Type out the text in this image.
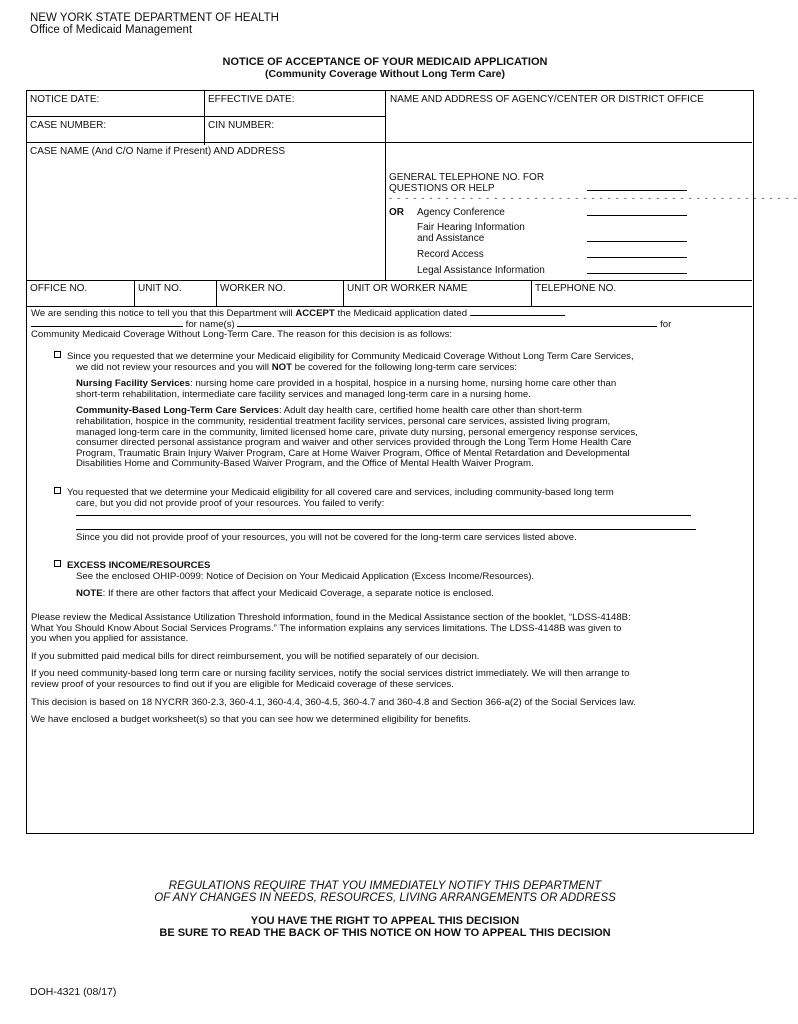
NEW YORK STATE DEPARTMENT OF HEALTH
Office of Medicaid Management
NOTICE OF ACCEPTANCE OF YOUR MEDICAID APPLICATION
(Community Coverage Without Long Term Care)
NOTICE DATE:	EFFECTIVE DATE:	NAME AND ADDRESS OF AGENCY/CENTER OR DISTRICT OFFICE
CASE NUMBER:	CIN NUMBER:
CASE NAME (And C/O Name if Present) AND ADDRESS
GENERAL TELEPHONE NO. FOR
QUESTIONS OR HELP
- - - - - - - - - - - - - - - - - - - - - - - - - - - - - - - - - - - - - - - - - - - - - - - - - - -
OR Agency Conference
Fair Hearing Information
and Assistance
Record Access
Legal Assistance Information
OFFICE NO.	UNIT NO.	WORKER NO.	UNIT OR WORKER NAME	TELEPHONE NO.

We are sending this notice to tell you that this Department will ACCEPT the Medicaid application dated

for name(s)	for

Community Medicaid Coverage Without Long-Term Care. The reason for this decision is as follows:

Since you requested that we determine your Medicaid eligibility for Community Medicaid Coverage Without Long Term Care Services,

we did not review your resources and you will NOT be covered for the following long-term care services:

Nursing Facility Services: nursing home care provided in a hospital, hospice in a nursing home, nursing home care other than

short-term rehabilitation, intermediate care facility services and managed long-term care in a nursing home.

Community-Based Long-Term Care Services: Adult day health care, certified home health care other than short-term

rehabilitation, hospice in the community, residential treatment facility services, personal care services, assisted living program,

managed long-term care in the community, limited licensed home care, private duty nursing, personal emergency response services,

consumer directed personal assistance program and waiver and other services provided through the Long Term Home Health Care

Program, Traumatic Brain Injury Waiver Program, Care at Home Waiver Program, Office of Mental Retardation and Developmental

Disabilities Home and Community-Based Waiver Program, and the Office of Mental Health Waiver Program.

You requested that we determine your Medicaid eligibility for all covered care and services, including community-based long term

care, but you did not provide proof of your resources. You failed to verify:

Since you did not provide proof of your resources, you will not be covered for the long-term care services listed above.

EXCESS INCOME/RESOURCES

See the enclosed OHIP-0099: Notice of Decision on Your Medicaid Application (Excess Income/Resources).

NOTE: If there are other factors that affect your Medicaid Coverage, a separate notice is enclosed.

Please review the Medical Assistance Utilization Threshold information, found in the Medical Assistance section of the booklet, “LDSS-4148B:

What You Should Know About Social Services Programs.” The information explains any services limitations. The LDSS-4148B was given to

you when you applied for assistance.

If you submitted paid medical bills for direct reimbursement, you will be notified separately of our decision.

If you need community-based long term care or nursing facility services, notify the social services district immediately. We will then arrange to

review proof of your resources to find out if you are eligible for Medicaid coverage of these services.

This decision is based on 18 NYCRR 360-2.3, 360-4.1, 360-4.4, 360-4.5, 360-4.7 and 360-4.8 and Section 366-a(2) of the Social Services law.

We have enclosed a budget worksheet(s) so that you can see how we determined eligibility for benefits.

REGULATIONS REQUIRE THAT YOU IMMEDIATELY NOTIFY THIS DEPARTMENT
OF ANY CHANGES IN NEEDS, RESOURCES, LIVING ARRANGEMENTS OR ADDRESS
YOU HAVE THE RIGHT TO APPEAL THIS DECISION
BE SURE TO READ THE BACK OF THIS NOTICE ON HOW TO APPEAL THIS DECISION
DOH-4321 (08/17)
